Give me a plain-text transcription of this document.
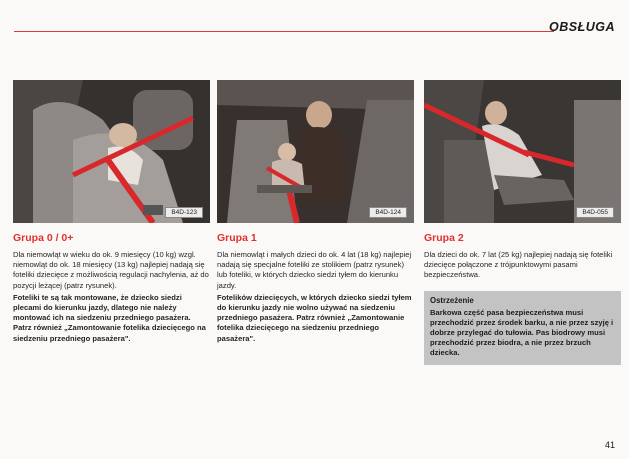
OBSŁUGA
B4D-123
Grupa 0 / 0+

Dla niemowląt w wieku do ok. 9 miesięcy (10 kg) wzgl. niemowląt do ok. 18 miesięcy (13 kg) najlepiej nadają się foteliki dziecięce z możliwością regulacji nachylenia, aż do pozycji leżącej (patrz rysunek).

Foteliki te są tak montowane, że dziecko siedzi plecami do kierunku jazdy, dlatego nie należy montować ich na siedzeniu przedniego pasażera. Patrz również „Zamontowanie fotelika dziecięcego na siedzeniu przedniego pasażera".

B4D-124
Grupa 1

Dla niemowląt i małych dzieci do ok. 4 lat (18 kg) najlepiej nadają się specjalne foteliki ze stolikiem (patrz rysunek) lub foteliki, w których dziecko siedzi tyłem do kierunku jazdy.

Fotelików dziecięcych, w których dziecko siedzi tyłem do kierunku jazdy nie wolno używać na siedzeniu przedniego pasażera. Patrz również „Zamontowanie fotelika dziecięcego na siedzeniu przedniego pasażera".

B4D-055
Grupa 2

Dla dzieci do ok. 7 lat (25 kg) najlepiej nadają się foteliki dziecięce połączone z trójpunktowymi pasami bezpieczeństwa.

Ostrzeżenie

Barkowa część pasa bezpieczeństwa musi przechodzić przez środek barku, a nie przez szyję i dobrze przylegać do tułowia. Pas biodrowy musi przechodzić przez biodra, a nie przez brzuch dziecka.

41
